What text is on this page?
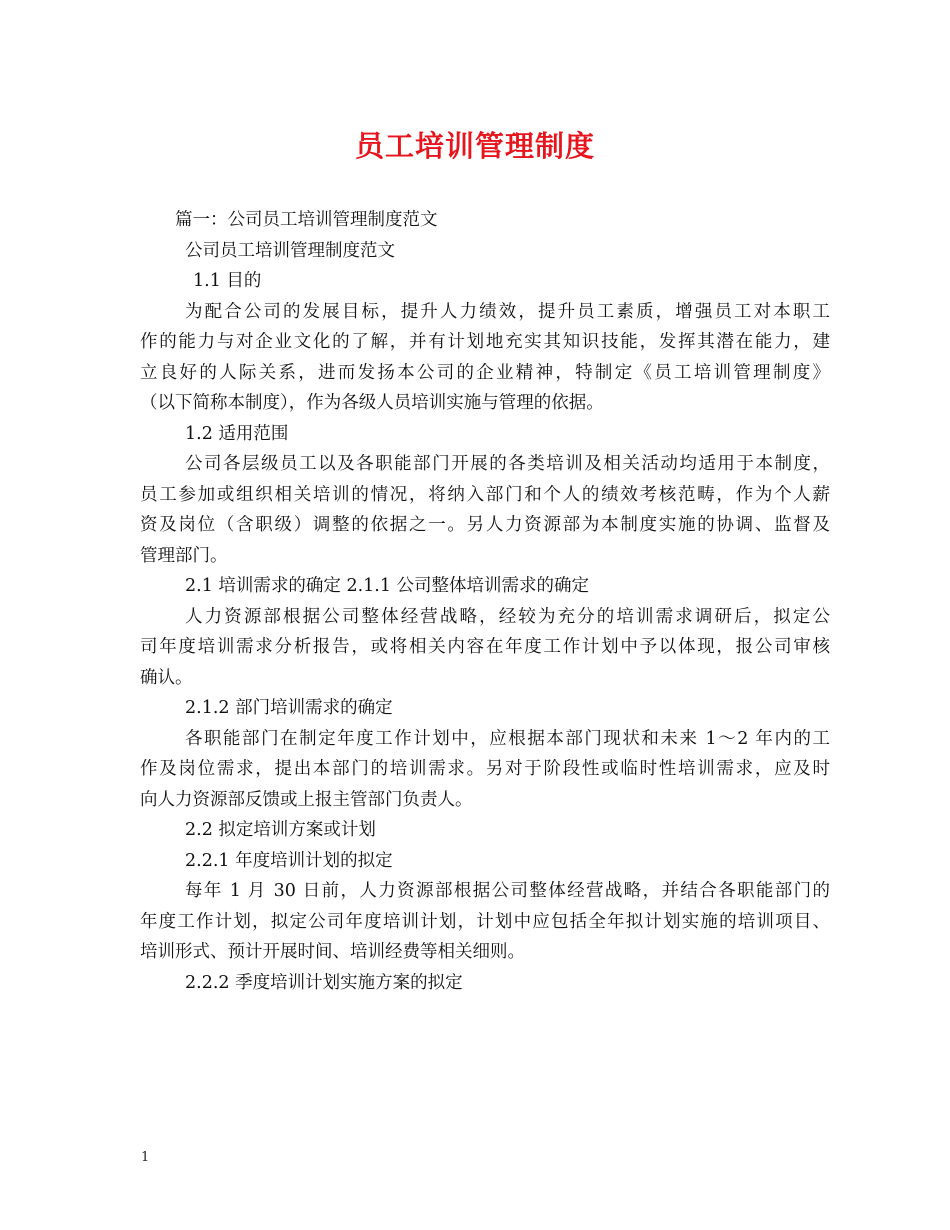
员工培训管理制度
篇一：公司员工培训管理制度范文
公司员工培训管理制度范文
1.1 目的
为配合公司的发展目标，提升人力绩效，提升员工素质，增强员工对本职工
作的能力与对企业文化的了解，并有计划地充实其知识技能，发挥其潜在能力，建
立良好的人际关系，进而发扬本公司的企业精神，特制定《员工培训管理制度》
（以下简称本制度），作为各级人员培训实施与管理的依据。
1.2 适用范围
公司各层级员工以及各职能部门开展的各类培训及相关活动均适用于本制度，
员工参加或组织相关培训的情况，将纳入部门和个人的绩效考核范畴，作为个人薪
资及岗位（含职级）调整的依据之一。另人力资源部为本制度实施的协调、监督及
管理部门。
2.1 培训需求的确定 2.1.1 公司整体培训需求的确定
人力资源部根据公司整体经营战略，经较为充分的培训需求调研后，拟定公
司年度培训需求分析报告，或将相关内容在年度工作计划中予以体现，报公司审核
确认。
2.1.2 部门培训需求的确定
各职能部门在制定年度工作计划中，应根据本部门现状和未来 1～2 年内的工
作及岗位需求，提出本部门的培训需求。另对于阶段性或临时性培训需求，应及时
向人力资源部反馈或上报主管部门负责人。
2.2 拟定培训方案或计划
2.2.1 年度培训计划的拟定
每年 1 月 30 日前，人力资源部根据公司整体经营战略，并结合各职能部门的
年度工作计划，拟定公司年度培训计划，计划中应包括全年拟计划实施的培训项目、
培训形式、预计开展时间、培训经费等相关细则。
2.2.2 季度培训计划实施方案的拟定
1
